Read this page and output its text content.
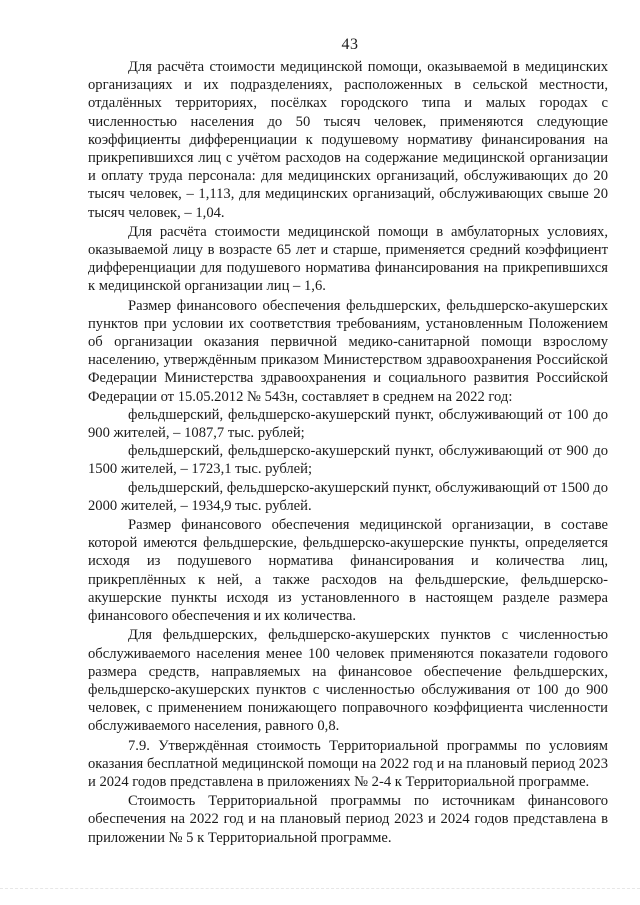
43

Для расчёта стоимости медицинской помощи, оказываемой в медицинских организациях и их подразделениях, расположенных в сельской местности, отдалённых территориях, посёлках городского типа и малых городах с численностью населения до 50 тысяч человек, применяются следующие коэффициенты дифференциации к подушевому нормативу финансирования на прикрепившихся лиц с учётом расходов на содержание медицинской организации и оплату труда персонала: для медицинских организаций, обслуживающих до 20 тысяч человек, – 1,113, для медицинских организаций, обслуживающих свыше 20 тысяч человек, – 1,04.

Для расчёта стоимости медицинской помощи в амбулаторных условиях, оказываемой лицу в возрасте 65 лет и старше, применяется средний коэффициент дифференциации для подушевого норматива финансирования на прикрепившихся к медицинской организации лиц – 1,6.

Размер финансового обеспечения фельдшерских, фельдшерско-акушерских пунктов при условии их соответствия требованиям, установленным Положением об организации оказания первичной медико-санитарной помощи взрослому населению, утверждённым приказом Министерством здравоохранения Российской Федерации Министерства здравоохранения и социального развития Российской Федерации от 15.05.2012 № 543н, составляет в среднем на 2022 год:

фельдшерский, фельдшерско-акушерский пункт, обслуживающий от 100 до 900 жителей, – 1087,7 тыс. рублей;

фельдшерский, фельдшерско-акушерский пункт, обслуживающий от 900 до 1500 жителей, – 1723,1 тыс. рублей;

фельдшерский, фельдшерско-акушерский пункт, обслуживающий от 1500 до 2000 жителей, – 1934,9 тыс. рублей.

Размер финансового обеспечения медицинской организации, в составе которой имеются фельдшерские, фельдшерско-акушерские пункты, определяется исходя из подушевого норматива финансирования и количества лиц, прикреплённых к ней, а также расходов на фельдшерские, фельдшерско-акушерские пункты исходя из установленного в настоящем разделе размера финансового обеспечения и их количества.

Для фельдшерских, фельдшерско-акушерских пунктов с численностью обслуживаемого населения менее 100 человек применяются показатели годового размера средств, направляемых на финансовое обеспечение фельдшерских, фельдшерско-акушерских пунктов с численностью обслуживания от 100 до 900 человек, с применением понижающего поправочного коэффициента численности обслуживаемого населения, равного 0,8.

7.9. Утверждённая стоимость Территориальной программы по условиям оказания бесплатной медицинской помощи на 2022 год и на плановый период 2023 и 2024 годов представлена в приложениях № 2-4 к Территориальной программе.

Стоимость Территориальной программы по источникам финансового обеспечения на 2022 год и на плановый период 2023 и 2024 годов представлена в приложении № 5 к Территориальной программе.
